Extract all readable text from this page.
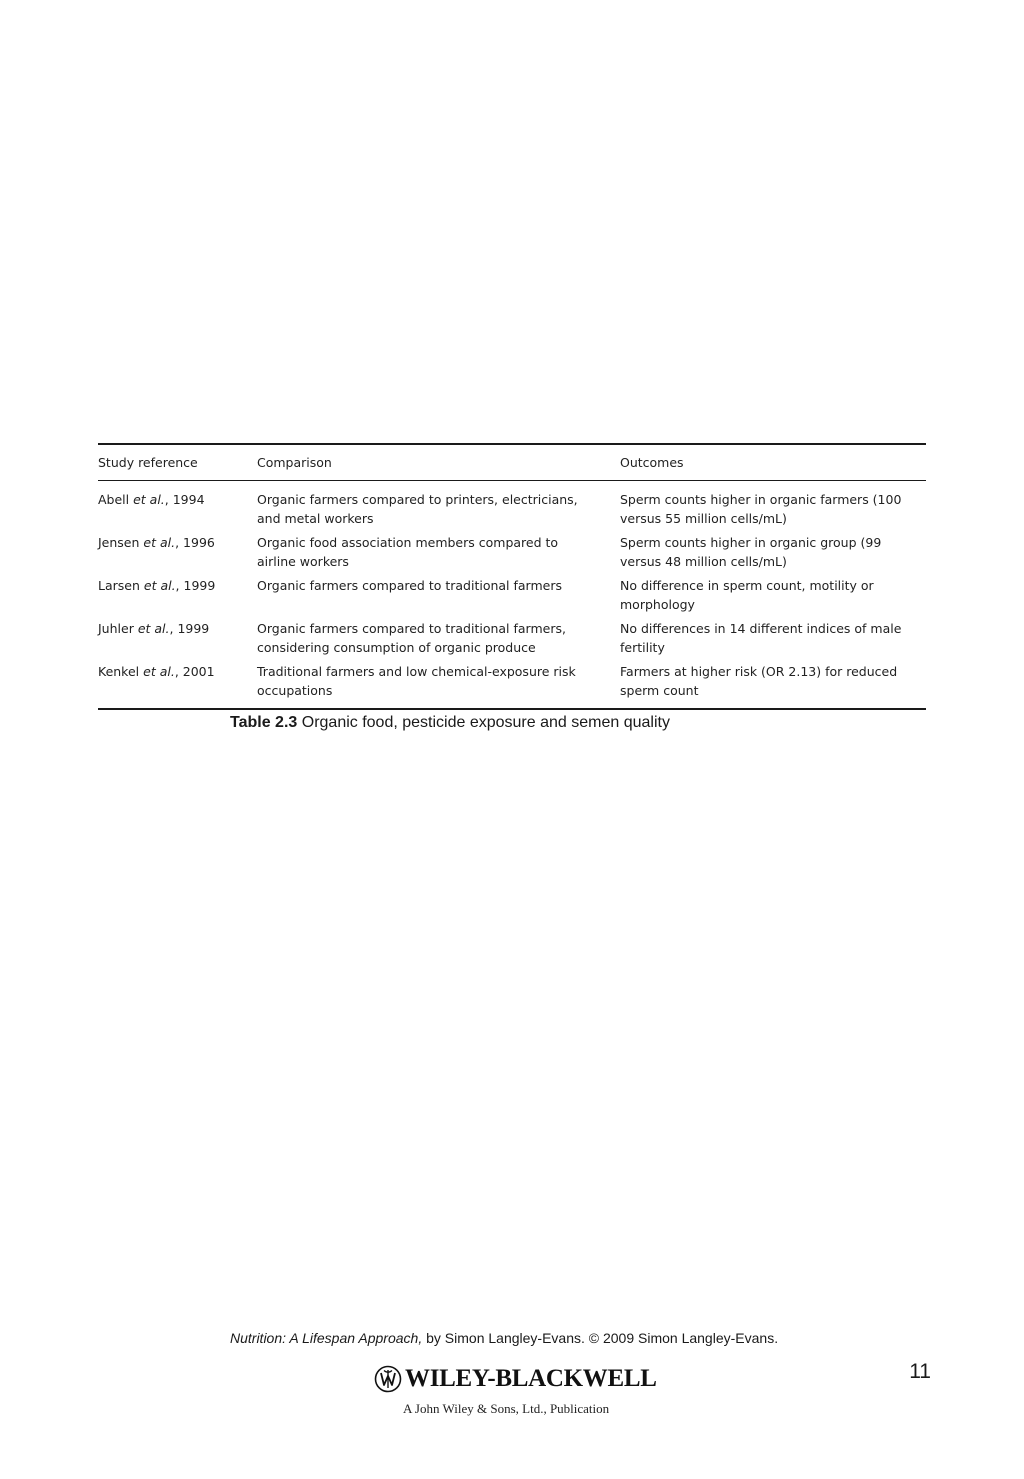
Study reference	Comparison	Outcomes
Abell et al., 1994	Organic farmers compared to printers, electricians, and metal workers	Sperm counts higher in organic farmers (100 versus 55 million cells/mL)
Jensen et al., 1996	Organic food association members compared to airline workers	Sperm counts higher in organic group (99 versus 48 million cells/mL)
Larsen et al., 1999	Organic farmers compared to traditional farmers	No difference in sperm count, motility or morphology
Juhler et al., 1999	Organic farmers compared to traditional farmers, considering consumption of organic produce	No differences in 14 different indices of male fertility
Kenkel et al., 2001	Traditional farmers and low chemical-exposure risk occupations	Farmers at higher risk (OR 2.13) for reduced sperm count
Table 2.3 Organic food, pesticide exposure and semen quality
Nutrition: A Lifespan Approach, by Simon Langley-Evans. © 2009 Simon Langley-Evans.
11
WILEY-BLACKWELL
A John Wiley & Sons, Ltd., Publication
